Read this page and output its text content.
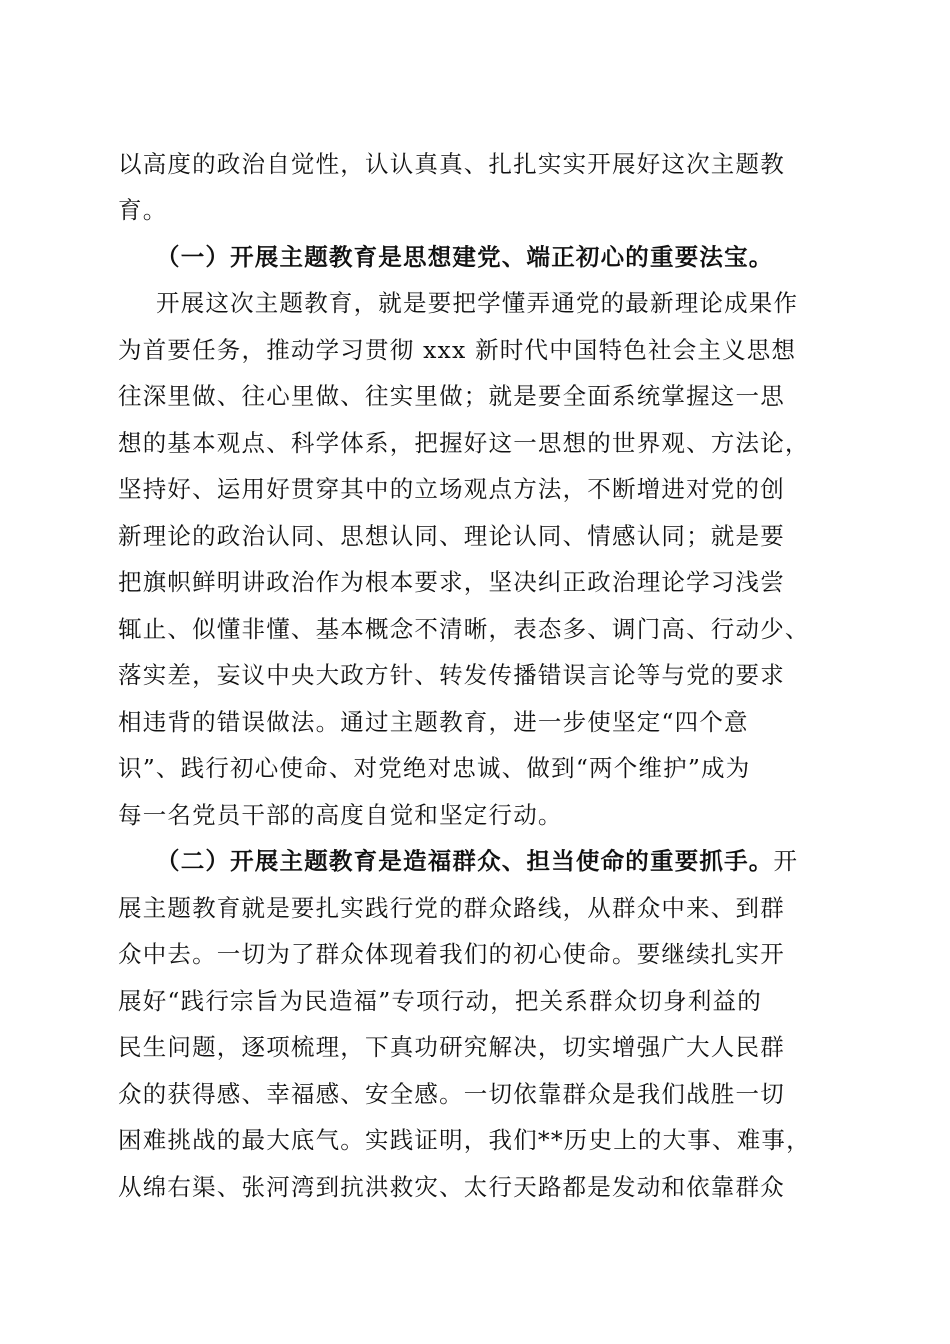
以高度的政治自觉性，认认真真、扎扎实实开展好这次主题教
育。
（一）开展主题教育是思想建党、端正初心的重要法宝。
开展这次主题教育，就是要把学懂弄通党的最新理论成果作
为首要任务，推动学习贯彻 xxx 新时代中国特色社会主义思想
往深里做、往心里做、往实里做；就是要全面系统掌握这一思
想的基本观点、科学体系，把握好这一思想的世界观、方法论，
坚持好、运用好贯穿其中的立场观点方法，不断增进对党的创
新理论的政治认同、思想认同、理论认同、情感认同；就是要
把旗帜鲜明讲政治作为根本要求，坚决纠正政治理论学习浅尝
辄止、似懂非懂、基本概念不清晰，表态多、调门高、行动少、
落实差，妄议中央大政方针、转发传播错误言论等与党的要求
相违背的错误做法。通过主题教育，进一步使坚定“四个意
识”、践行初心使命、对党绝对忠诚、做到“两个维护”成为
每一名党员干部的高度自觉和坚定行动。
（二）开展主题教育是造福群众、担当使命的重要抓手。开
展主题教育就是要扎实践行党的群众路线，从群众中来、到群
众中去。一切为了群众体现着我们的初心使命。要继续扎实开
展好“践行宗旨为民造福”专项行动，把关系群众切身利益的
民生问题，逐项梳理，下真功研究解决，切实增强广大人民群
众的获得感、幸福感、安全感。一切依靠群众是我们战胜一切
困难挑战的最大底气。实践证明，我们**历史上的大事、难事，
从绵右渠、张河湾到抗洪救灾、太行天路都是发动和依靠群众
